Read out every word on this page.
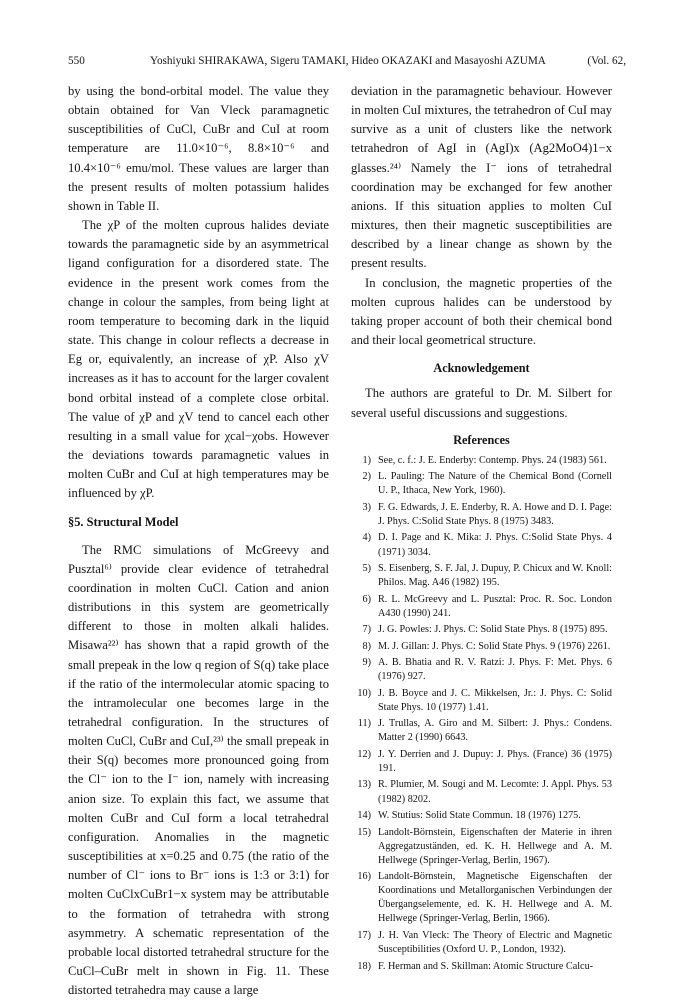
550	Yoshiyuki SHIRAKAWA, Sigeru TAMAKI, Hideo OKAZAKI and Masayoshi AZUMA	(Vol. 62,

by using the bond-orbital model. The value they obtain obtained for Van Vleck paramagnetic susceptibilities of CuCl, CuBr and CuI at room temperature are 11.0×10⁻⁶, 8.8×10⁻⁶ and 10.4×10⁻⁶ emu/mol. These values are larger than the present results of molten potassium halides shown in Table II.

The χP of the molten cuprous halides deviate towards the paramagnetic side by an asymmetrical ligand configuration for a disordered state. The evidence in the present work comes from the change in colour the samples, from being light at room temperature to becoming dark in the liquid state. This change in colour reflects a decrease in Eg or, equivalently, an increase of χP. Also χV increases as it has to account for the larger covalent bond orbital instead of a complete close orbital. The value of χP and χV tend to cancel each other resulting in a small value for χcal−χobs. However the deviations towards paramagnetic values in molten CuBr and CuI at high temperatures may be influenced by χP.

§5. Structural Model

The RMC simulations of McGreevy and Pusztal⁶⁾ provide clear evidence of tetrahedral coordination in molten CuCl. Cation and anion distributions in this system are geometrically different to those in molten alkali halides. Misawa²²⁾ has shown that a rapid growth of the small prepeak in the low q region of S(q) take place if the ratio of the intermolecular atomic spacing to the intramolecular one becomes large in the tetrahedral configuration. In the structures of molten CuCl, CuBr and CuI,²³⁾ the small prepeak in their S(q) becomes more pronounced going from the Cl⁻ ion to the I⁻ ion, namely with increasing anion size. To explain this fact, we assume that molten CuBr and CuI form a local tetrahedral configuration. Anomalies in the magnetic susceptibilities at x=0.25 and 0.75 (the ratio of the number of Cl⁻ ions to Br⁻ ions is 1:3 or 3:1) for molten CuClxCuBr1−x system may be attributable to the formation of tetrahedra with strong asymmetry. A schematic representation of the probable local distorted tetrahedral structure for the CuCl–CuBr melt in shown in Fig. 11. These distorted tetrahedra may cause a large

deviation in the paramagnetic behaviour. However in molten CuI mixtures, the tetrahedron of CuI may survive as a unit of clusters like the network tetrahedron of AgI in (AgI)x (Ag2MoO4)1−x glasses.²⁴⁾ Namely the I⁻ ions of tetrahedral coordination may be exchanged for few another anions. If this situation applies to molten CuI mixtures, then their magnetic susceptibilities are described by a linear change as shown by the present results.

In conclusion, the magnetic properties of the molten cuprous halides can be understood by taking proper account of both their chemical bond and their local geometrical structure.

Acknowledgement

The authors are grateful to Dr. M. Silbert for several useful discussions and suggestions.

References
1) See, c. f.: J. E. Enderby: Contemp. Phys. 24 (1983) 561.
2) L. Pauling: The Nature of the Chemical Bond (Cornell U. P., Ithaca, New York, 1960).
3) F. G. Edwards, J. E. Enderby, R. A. Howe and D. I. Page: J. Phys. C:Solid State Phys. 8 (1975) 3483.
4) D. I. Page and K. Mika: J. Phys. C:Solid State Phys. 4 (1971) 3034.
5) S. Eisenberg, S. F. Jal, J. Dupuy, P. Chicux and W. Knoll: Philos. Mag. A46 (1982) 195.
6) R. L. McGreevy and L. Pusztal: Proc. R. Soc. London A430 (1990) 241.
7) J. G. Powles: J. Phys. C: Solid State Phys. 8 (1975) 895.
8) M. J. Gillan: J. Phys. C: Solid State Phys. 9 (1976) 2261.
9) A. B. Bhatia and R. V. Ratzi: J. Phys. F: Met. Phys. 6 (1976) 927.
10) J. B. Boyce and J. C. Mikkelsen, Jr.: J. Phys. C: Solid State Phys. 10 (1977) 1.41.
11) J. Trullas, A. Giro and M. Silbert: J. Phys.: Condens. Matter 2 (1990) 6643.
12) J. Y. Derrien and J. Dupuy: J. Phys. (France) 36 (1975) 191.
13) R. Plumier, M. Sougi and M. Lecomte: J. Appl. Phys. 53 (1982) 8202.
14) W. Stutius: Solid State Commun. 18 (1976) 1275.
15) Landolt-Börnstein, Eigenschaften der Materie in ihren Aggregatzuständen, ed. K. H. Hellwege and A. M. Hellwege (Springer-Verlag, Berlin, 1967).
16) Landolt-Börnstein, Magnetische Eigenschaften der Koordinations und Metallorganischen Verbindungen der Übergangselemente, ed. K. H. Hellwege and A. M. Hellwege (Springer-Verlag, Berlin, 1966).
17) J. H. Van Vleck: The Theory of Electric and Magnetic Susceptibilities (Oxford U. P., London, 1932).
18) F. Herman and S. Skillman: Atomic Structure Calcu-
